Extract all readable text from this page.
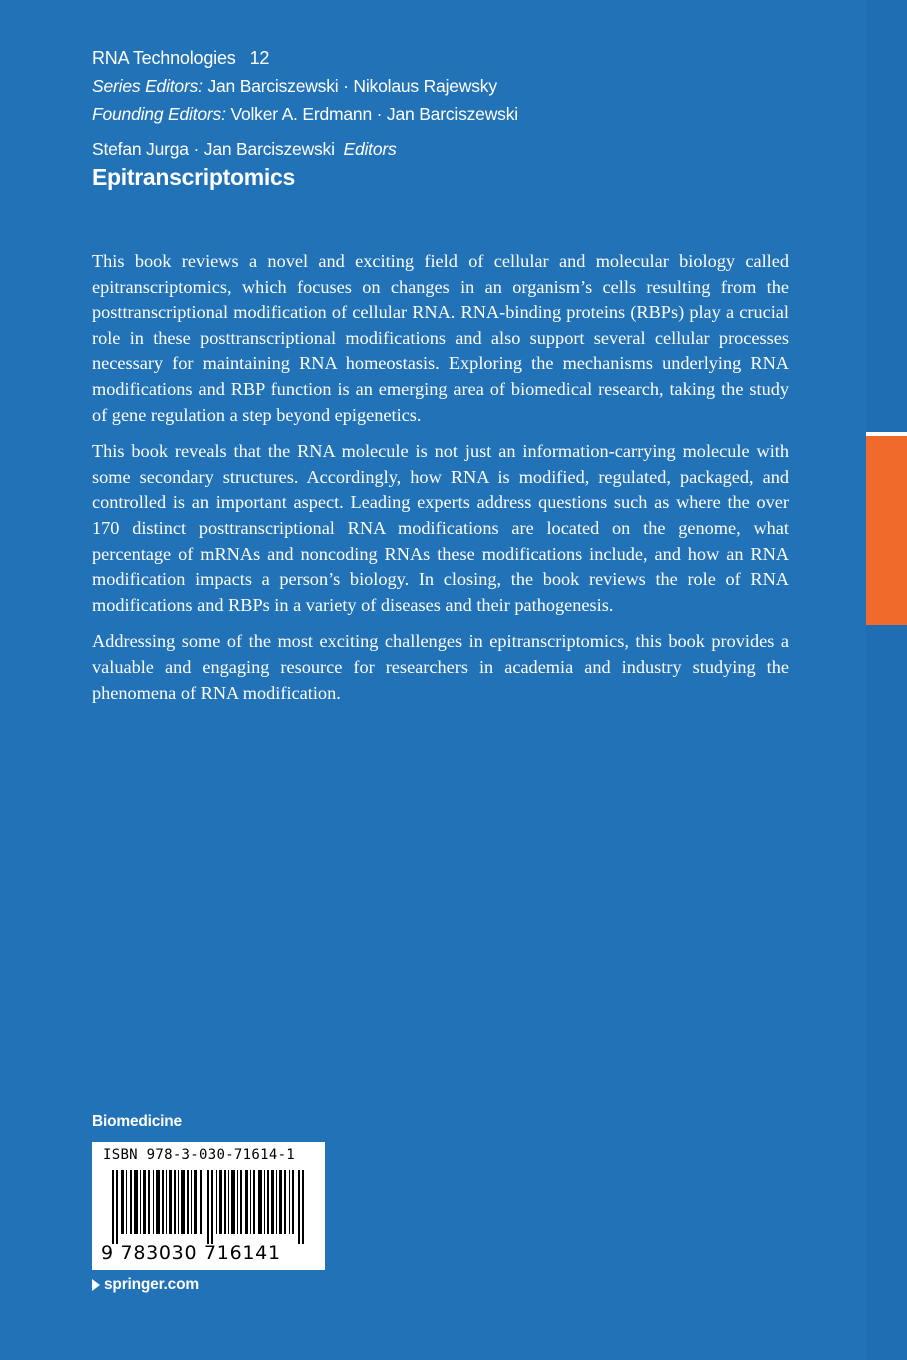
RNA Technologies 12
Series Editors: Jan Barciszewski · Nikolaus Rajewsky
Founding Editors: Volker A. Erdmann · Jan Barciszewski
Stefan Jurga · Jan Barciszewski Editors
Epitranscriptomics

This book reviews a novel and exciting field of cellular and molecular biology called epitranscriptomics, which focuses on changes in an organism’s cells resulting from the posttranscriptional modification of cellular RNA. RNA-binding proteins (RBPs) play a crucial role in these posttranscriptional modifications and also support several cellular processes necessary for maintaining RNA homeostasis. Exploring the mechanisms underlying RNA modifications and RBP function is an emerging area of biomedical research, taking the study of gene regulation a step beyond epigenetics.

This book reveals that the RNA molecule is not just an information-carrying molecule with some secondary structures. Accordingly, how RNA is modified, regulated, packaged, and controlled is an important aspect. Leading experts address questions such as where the over 170 distinct posttranscriptional RNA modifications are located on the genome, what percentage of mRNAs and noncoding RNAs these modifications include, and how an RNA modification impacts a person’s biology. In closing, the book reviews the role of RNA modifications and RBPs in a variety of diseases and their pathogenesis.

Addressing some of the most exciting challenges in epitranscriptomics, this book provides a valuable and engaging resource for researchers in academia and industry studying the phenomena of RNA modification.

Biomedicine
ISBN 978-3-030-71614-1
9 783030 716141
springer.com
